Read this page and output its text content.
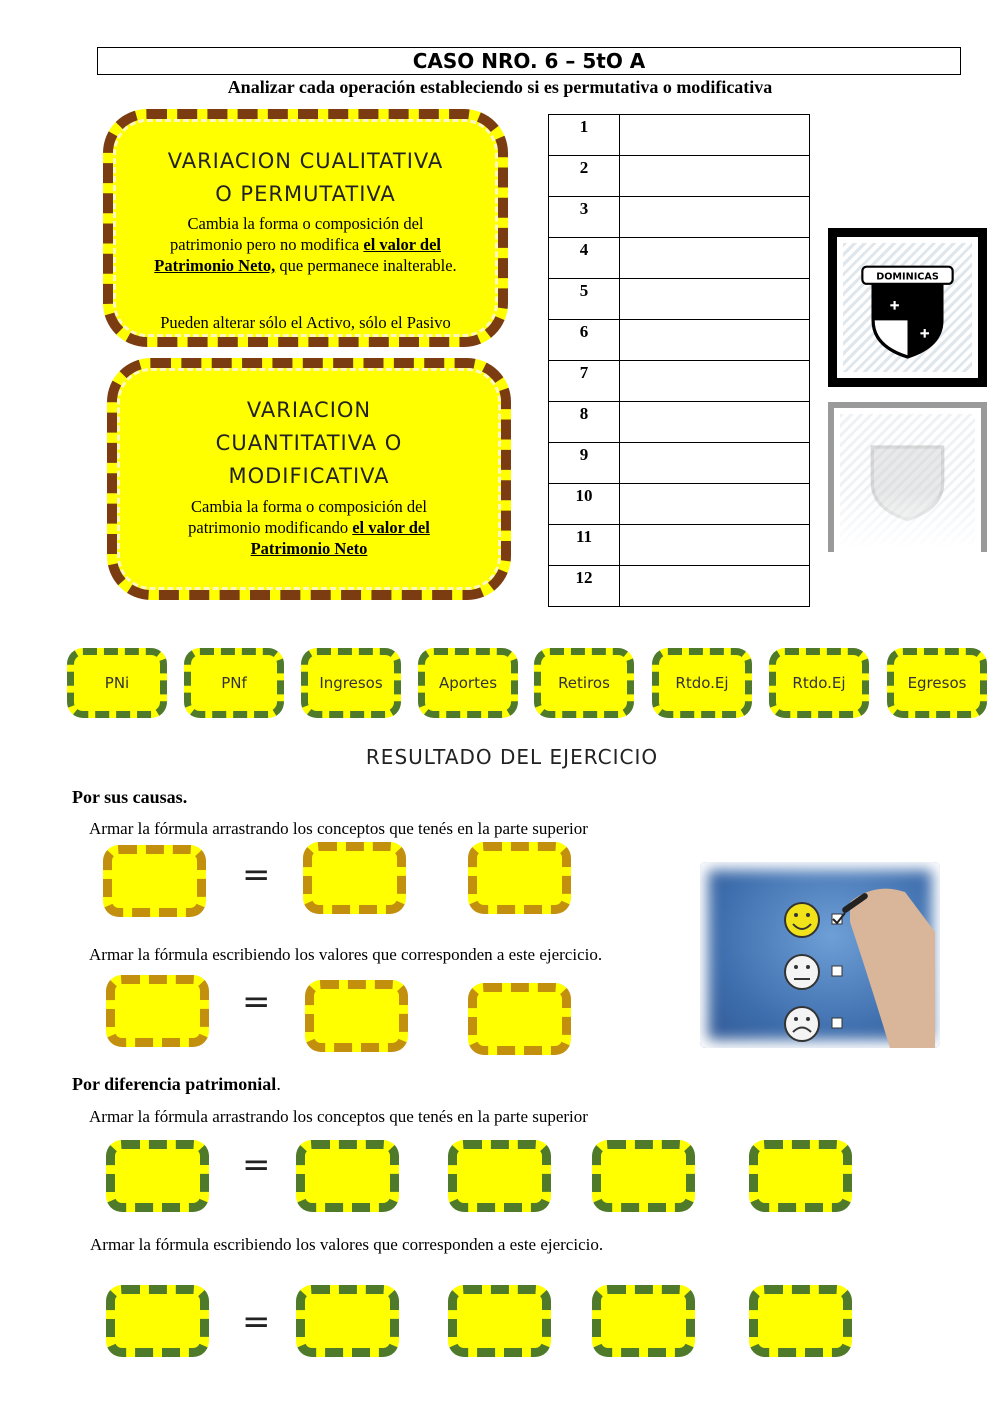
CASO NRO. 6 – 5tO A
Analizar cada operación estableciendo si es permutativa o modificativa
VARIACION CUALITATIVA
O PERMUTATIVA

Cambia la forma o composición del patrimonio pero no modifica el valor del Patrimonio Neto, que permanece inalterable.

Pueden alterar sólo el Activo, sólo el Pasivo

VARIACION
CUANTITATIVA O
MODIFICATIVA

Cambia la forma o composición del patrimonio modificando el valor del Patrimonio Neto

1	
2	
3	
4	
5	
6	
7	
8	
9	
10	
11	
12	
DOMINICAS
PNi	PNf	Ingresos	Aportes	Retiros	Rtdo.Ej	Rtdo.Ej	Egresos
RESULTADO DEL EJERCICIO
Por sus causas.
Armar la fórmula arrastrando los conceptos que tenés en la parte superior
=
Armar la fórmula escribiendo los valores que corresponden a este ejercicio.
=
Por diferencia patrimonial.
Armar la fórmula arrastrando los conceptos que tenés en la parte superior
=
Armar la fórmula escribiendo los valores que corresponden a este ejercicio.
=
